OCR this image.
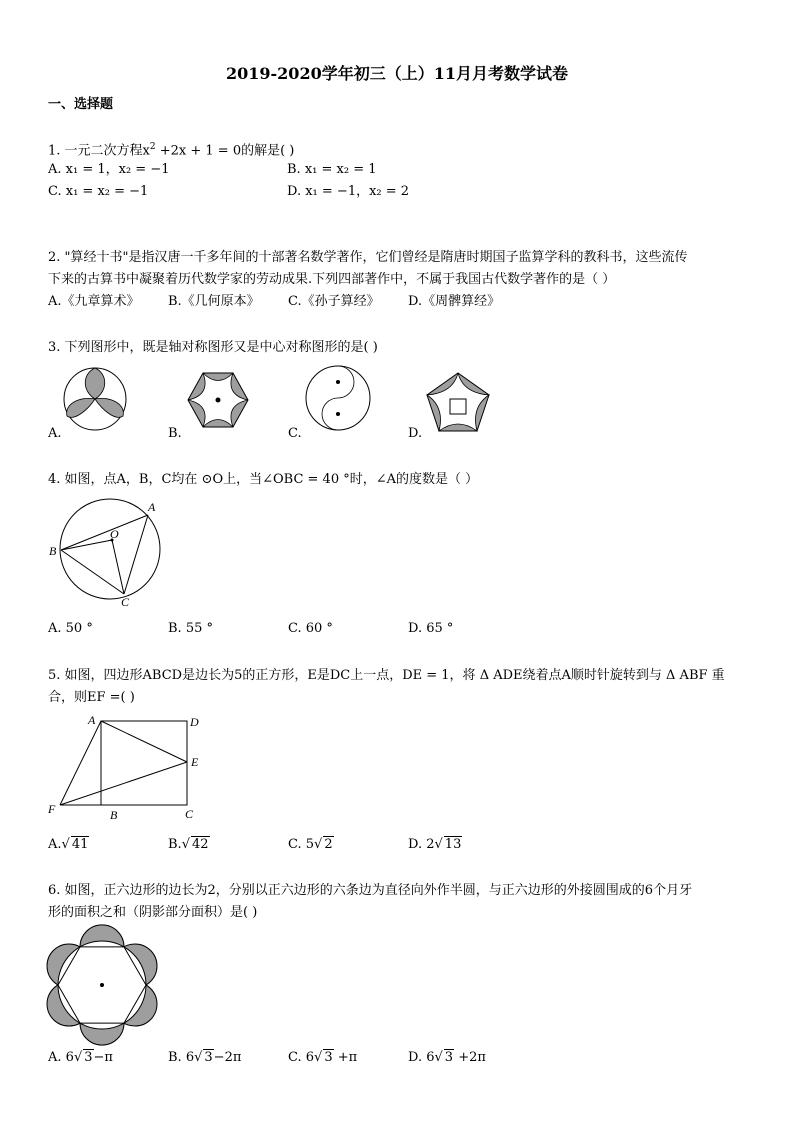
2019-2020学年初三（上）11月月考数学试卷
一、选择题
1. 一元二次方程$x^2 +2x + 1 = 0$的解是( )
A. x₁ = 1，x₂ = −1	B. x₁ = x₂ = 1
C. x₁ = x₂ = −1	D. x₁ = −1，x₂ = 2
2. "算经十书"是指汉唐一千多年间的十部著名数学著作，它们曾经是隋唐时期国子监算学科的教科书，这些流传
下来的古算书中凝聚着历代数学家的劳动成果.下列四部著作中，不属于我国古代数学著作的是（ ）
A.《九章算术》 B.《几何原本》 C.《孙子算经》 D.《周髀算经》
3. 下列图形中，既是轴对称图形又是中心对称图形的是( )
A.	B.	C.	D.
4. 如图，点A，B，C均在 ⊙O上，当∠OBC = 40 °时，∠A的度数是（ ）
A
B
C
O
A. 50 °	B. 55 °	C. 60 °	D. 65 °
5. 如图，四边形ABCD是边长为5的正方形，E是DC上一点，DE = 1，将 Δ ADE绕着点A顺时针旋转到与 Δ ABF 重
合，则EF =( )
A	D
E
F	B	C
A.√ 41	B.√ 42	C. 5√ 2	D. 2√ 13
6. 如图，正六边形的边长为2，分别以正六边形的六条边为直径向外作半圆，与正六边形的外接圆围成的6个月牙
形的面积之和（阴影部分面积）是( )
A. 6√ 3−π	B. 6√ 3−2π	C. 6√ 3 +π	D. 6√ 3 +2π
